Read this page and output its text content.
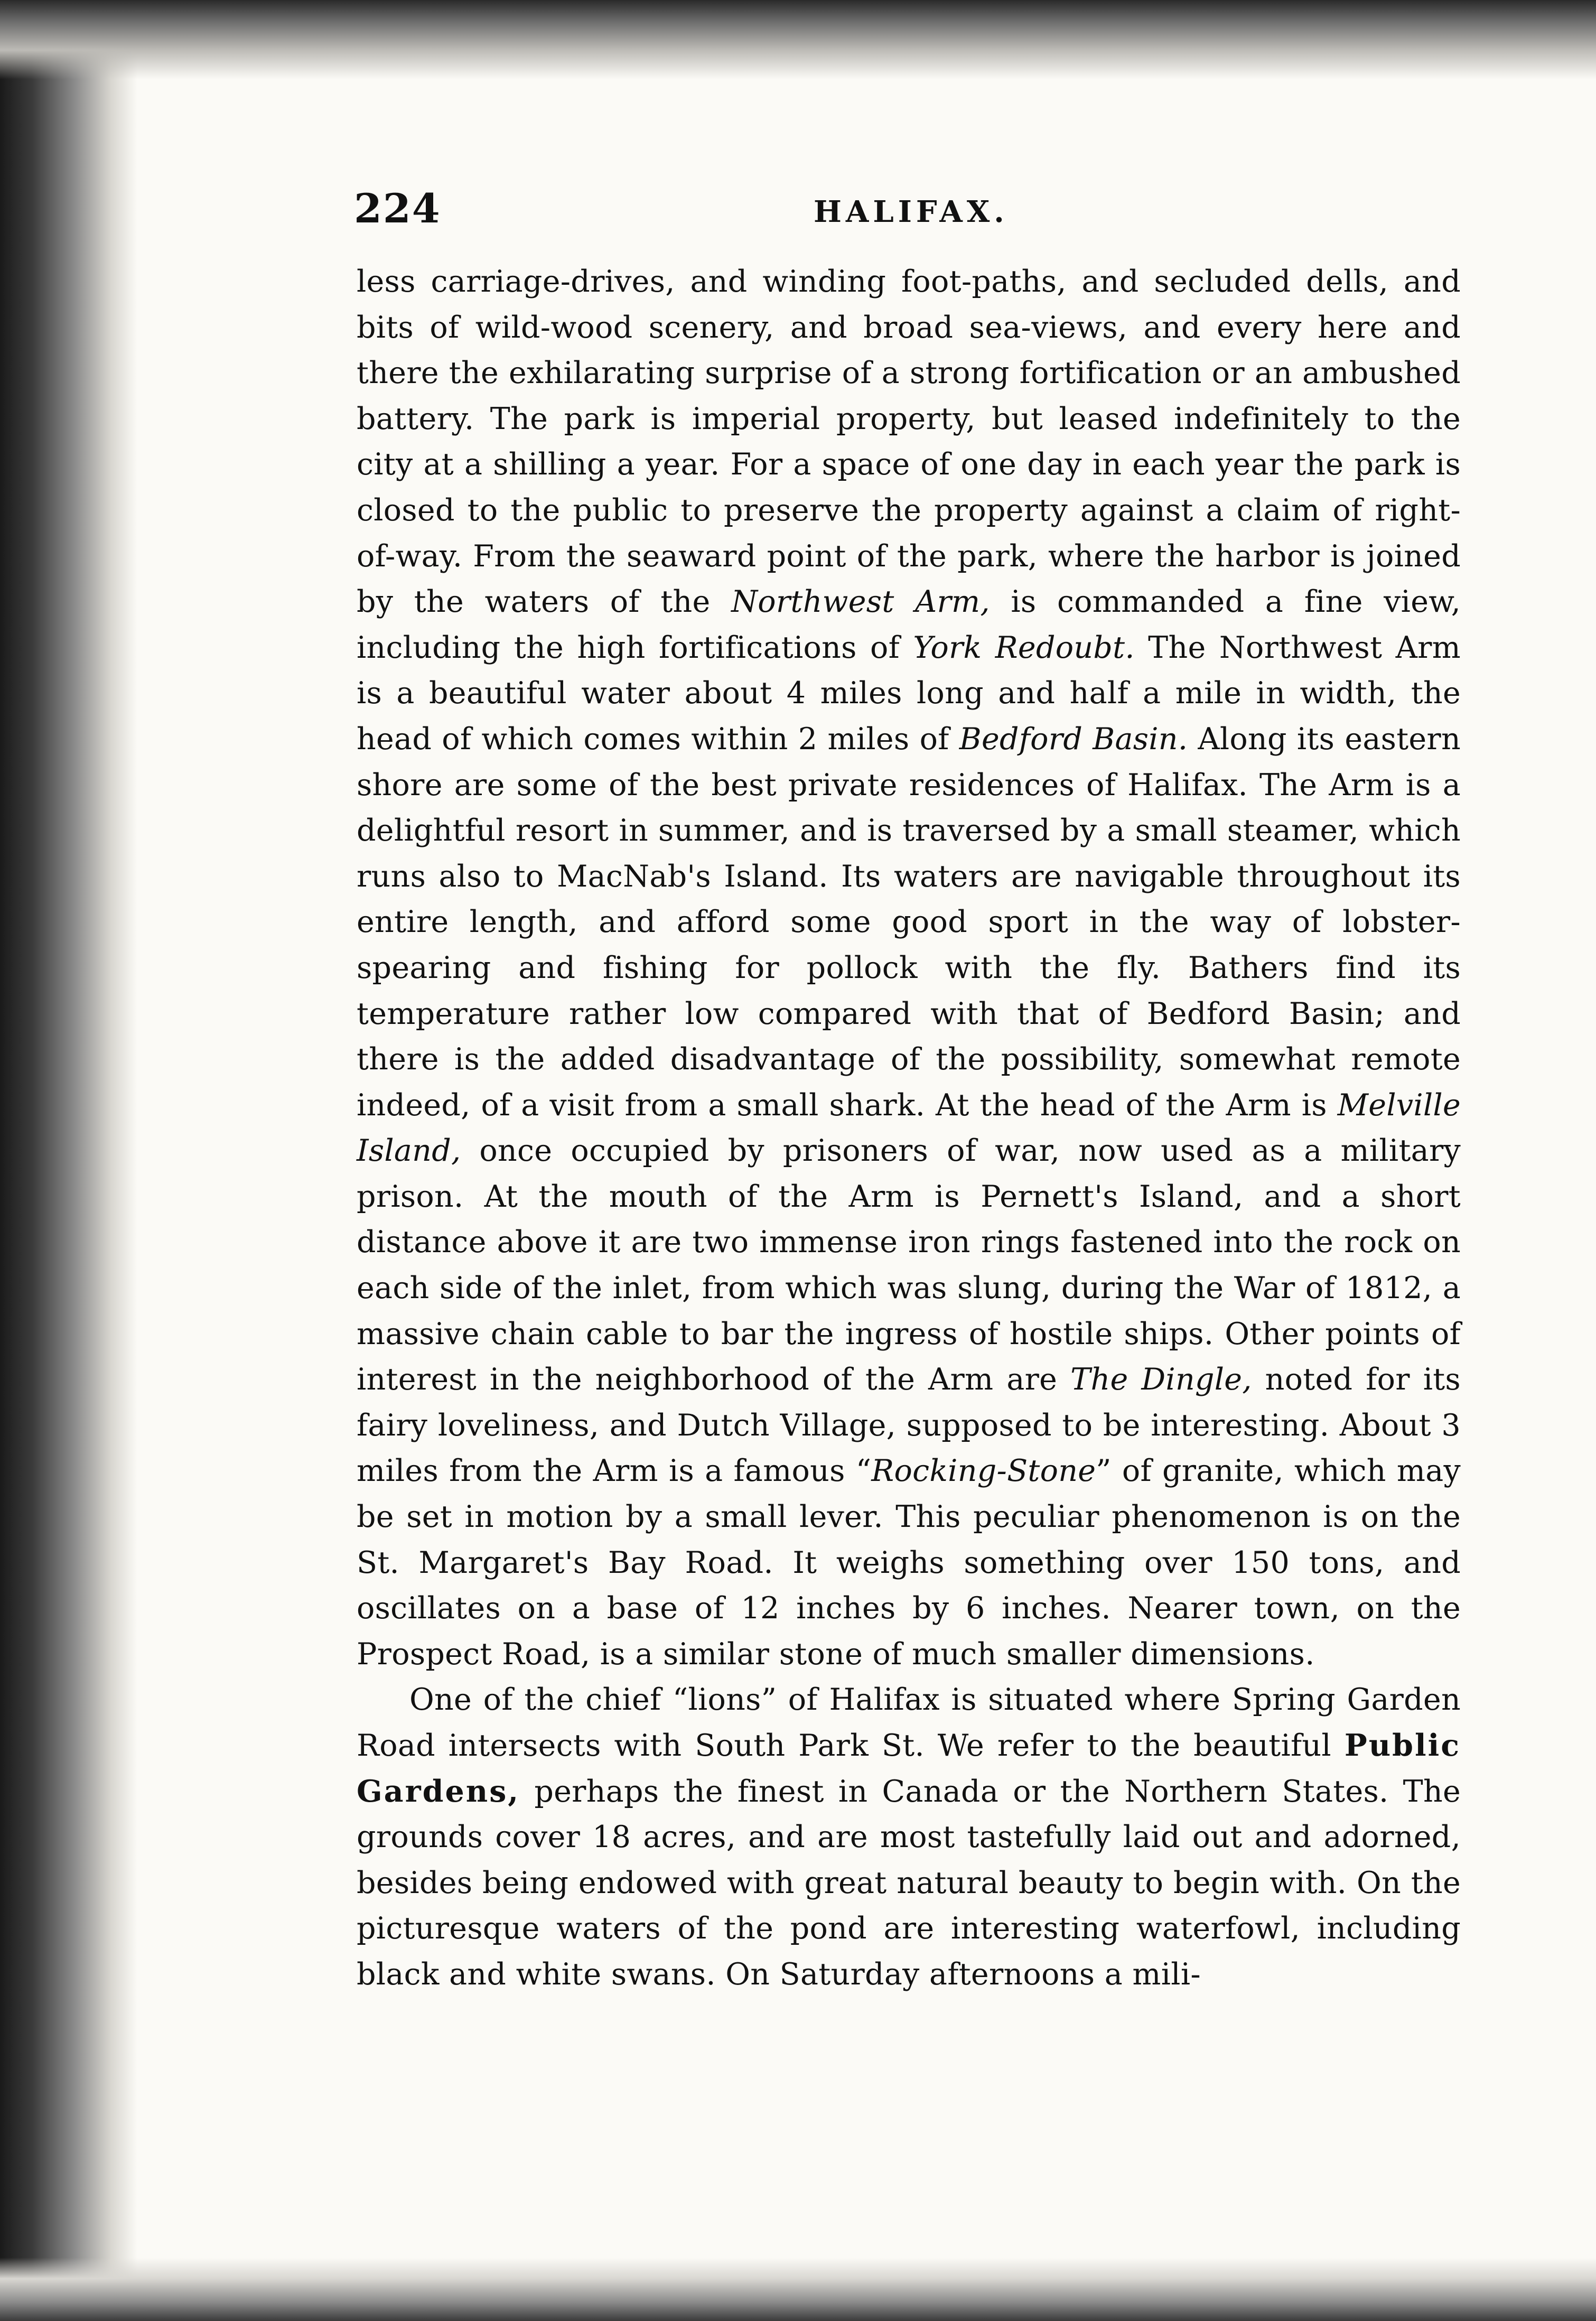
224	HALIFAX.

less carriage-drives, and winding foot-paths, and secluded dells, and bits of wild-wood scenery, and broad sea-views, and every here and there the exhilarating surprise of a strong fortification or an ambushed battery. The park is imperial property, but leased indefinitely to the city at a shilling a year. For a space of one day in each year the park is closed to the public to preserve the property against a claim of right-of-way. From the seaward point of the park, where the harbor is joined by the waters of the Northwest Arm, is commanded a fine view, including the high fortifications of York Redoubt. The Northwest Arm is a beautiful water about 4 miles long and half a mile in width, the head of which comes within 2 miles of Bedford Basin. Along its eastern shore are some of the best private residences of Halifax. The Arm is a delightful resort in summer, and is traversed by a small steamer, which runs also to MacNab's Island. Its waters are navigable throughout its entire length, and afford some good sport in the way of lobster-spearing and fishing for pollock with the fly. Bathers find its temperature rather low compared with that of Bedford Basin; and there is the added disadvantage of the possibility, somewhat remote indeed, of a visit from a small shark. At the head of the Arm is Melville Island, once occupied by prisoners of war, now used as a military prison. At the mouth of the Arm is Pernett's Island, and a short distance above it are two immense iron rings fastened into the rock on each side of the inlet, from which was slung, during the War of 1812, a massive chain cable to bar the ingress of hostile ships. Other points of interest in the neighborhood of the Arm are The Dingle, noted for its fairy loveliness, and Dutch Village, supposed to be interesting. About 3 miles from the Arm is a famous “Rocking-Stone” of granite, which may be set in motion by a small lever. This peculiar phenomenon is on the St. Margaret's Bay Road. It weighs something over 150 tons, and oscillates on a base of 12 inches by 6 inches. Nearer town, on the Prospect Road, is a similar stone of much smaller dimensions.

One of the chief “lions” of Halifax is situated where Spring Garden Road intersects with South Park St. We refer to the beautiful Public Gardens, perhaps the finest in Canada or the Northern States. The grounds cover 18 acres, and are most tastefully laid out and adorned, besides being endowed with great natural beauty to begin with. On the picturesque waters of the pond are interesting waterfowl, including black and white swans. On Saturday afternoons a mili-
